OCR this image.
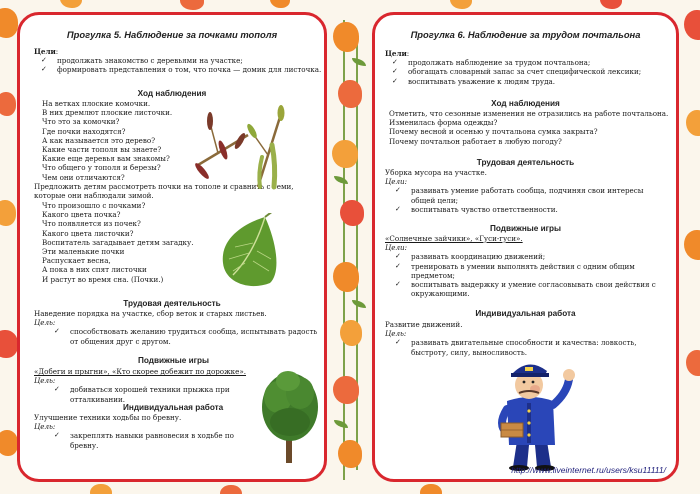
Прогулка 5. Наблюдение за почками тополя
Цели:
✓	продолжать знакомство с деревьями на участке;
✓	формировать представления о том, что почка — домик для листочка.
Ход наблюдения
На ветках плоские комочки.
В них дремлют плоские листочки.
Что это за комочки?
Где почки находятся?
А как называется это дерево?
Какие части тополя вы знаете?
Какие еще деревья вам знакомы?
Что общего у тополя и березы?
Чем они отличаются?
Предложить детям рассмотреть почки на тополе и сравнить с теми, которые они наблюдали зимой.
Что произошло с почками?
Какого цвета почка?
Что появляется из почек?
Какого цвета листочки?
Воспитатель загадывает детям загадку.
Эти маленькие почки
Распускает весна,
А пока в них спят листочки
И растут во время сна. (Почки.)
Трудовая деятельность
Наведение порядка на участке, сбор веток и старых листьев.
Цель:
✓	способствовать желанию трудиться сообща, испытывать радость от общения друг с другом.
Подвижные игры
«Добеги и прыгни», «Кто скорее добежит по дорожке».
Цель:
✓	добиваться хорошей техники прыжка при отталкивании.
Индивидуальная работа
Улучшение техники ходьбы по бревну.
Цель:
✓	закреплять навыки равновесия в ходьбе по бревну.
Прогулка 6. Наблюдение за трудом почтальона
Цели:
✓	продолжать наблюдение за трудом почтальона;
✓	обогащать словарный запас за счет специфической лексики;
✓	воспитывать уважение к людям труда.
Ход наблюдения
Отметить, что сезонные изменения не отразились на работе почтальона.
Изменилась форма одежды?
Почему весной и осенью у почтальона сумка закрыта?
Почему почтальон работает в любую погоду?
Трудовая деятельность
Уборка мусора на участке.
Цели:
✓	развивать умение работать сообща, подчиняя свои интересы общей цели;
✓	воспитывать чувство ответственности.
Подвижные игры
«Солнечные зайчики», «Гуси-гуси».
Цели:
✓	развивать координацию движений;
✓	тренировать в умении выполнять действия с одним общим предметом;
✓	воспитывать выдержку и умение согласовывать свои действия с окружающими.
Индивидуальная работа
Развитие движений.
Цель:
✓	развивать двигательные способности и качества: ловкость, быстроту, силу, выносливость.
http://www.liveinternet.ru/users/ksu11111/
